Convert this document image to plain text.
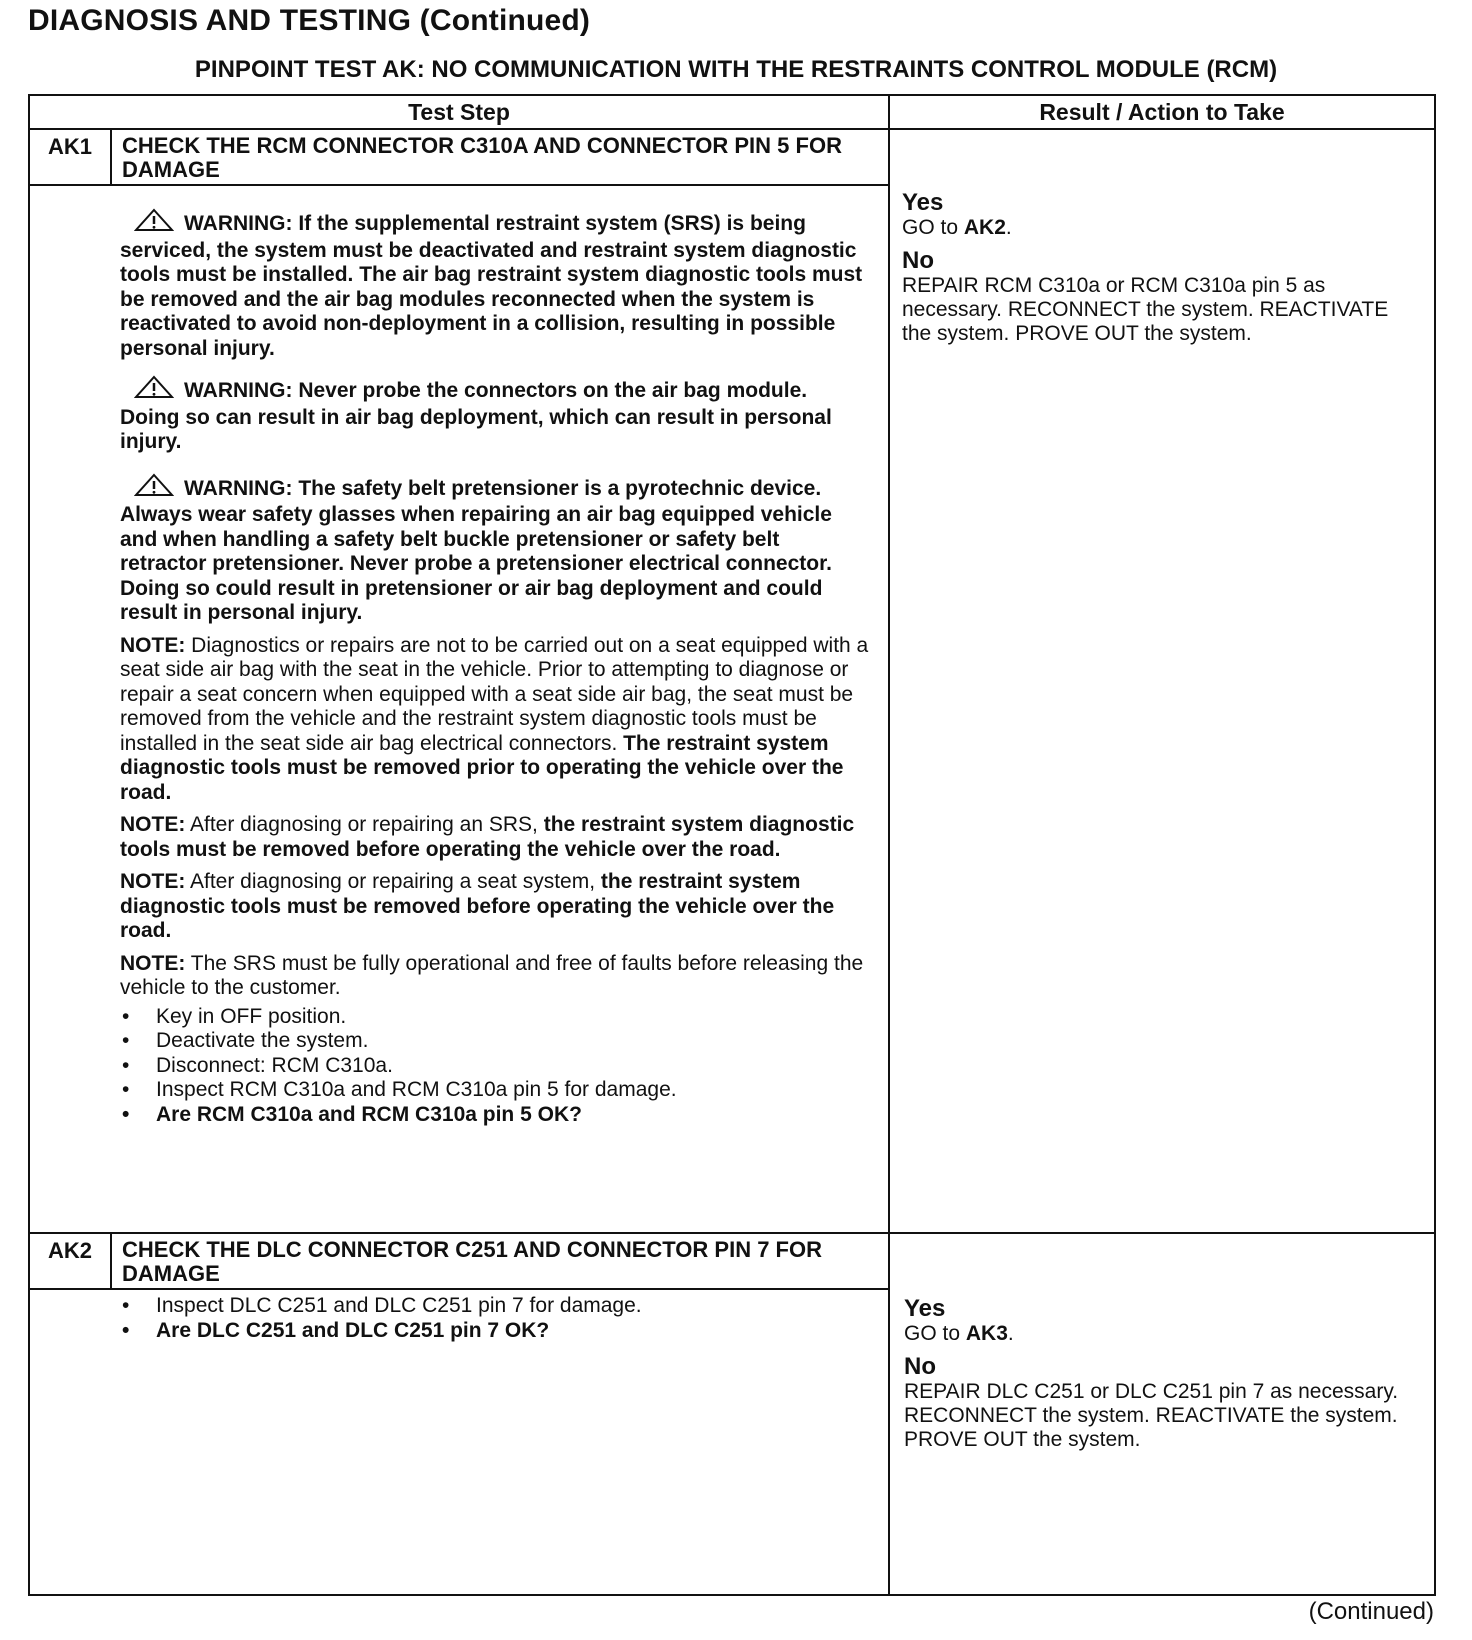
DIAGNOSIS AND TESTING (Continued)
PINPOINT TEST AK: NO COMMUNICATION WITH THE RESTRAINTS CONTROL MODULE (RCM)
Test Step	Result / Action to Take
AK1	CHECK THE RCM CONNECTOR C310A AND CONNECTOR PIN 5 FOR DAMAGE

WARNING: If the supplemental restraint system (SRS) is being serviced, the system must be deactivated and restraint system diagnostic tools must be installed. The air bag restraint system diagnostic tools must be removed and the air bag modules reconnected when the system is reactivated to avoid non-deployment in a collision, resulting in possible personal injury.

WARNING: Never probe the connectors on the air bag module. Doing so can result in air bag deployment, which can result in personal injury.

WARNING: The safety belt pretensioner is a pyrotechnic device. Always wear safety glasses when repairing an air bag equipped vehicle and when handling a safety belt buckle pretensioner or safety belt retractor pretensioner. Never probe a pretensioner electrical connector. Doing so could result in pretensioner or air bag deployment and could result in personal injury.

NOTE: Diagnostics or repairs are not to be carried out on a seat equipped with a seat side air bag with the seat in the vehicle. Prior to attempting to diagnose or repair a seat concern when equipped with a seat side air bag, the seat must be removed from the vehicle and the restraint system diagnostic tools must be installed in the seat side air bag electrical connectors. The restraint system diagnostic tools must be removed prior to operating the vehicle over the road.

NOTE: After diagnosing or repairing an SRS, the restraint system diagnostic tools must be removed before operating the vehicle over the road.

NOTE: After diagnosing or repairing a seat system, the restraint system diagnostic tools must be removed before operating the vehicle over the road.

NOTE: The SRS must be fully operational and free of faults before releasing the vehicle to the customer.

• Key in OFF position.
• Deactivate the system.
• Disconnect: RCM C310a.
• Inspect RCM C310a and RCM C310a pin 5 for damage.
• Are RCM C310a and RCM C310a pin 5 OK?
Yes
GO to AK2.
No
REPAIR RCM C310a or RCM C310a pin 5 as necessary. RECONNECT the system. REACTIVATE the system. PROVE OUT the system.
AK2	CHECK THE DLC CONNECTOR C251 AND CONNECTOR PIN 7 FOR DAMAGE
• Inspect DLC C251 and DLC C251 pin 7 for damage.
• Are DLC C251 and DLC C251 pin 7 OK?
Yes
GO to AK3.
No
REPAIR DLC C251 or DLC C251 pin 7 as necessary. RECONNECT the system. REACTIVATE the system. PROVE OUT the system.
(Continued)
